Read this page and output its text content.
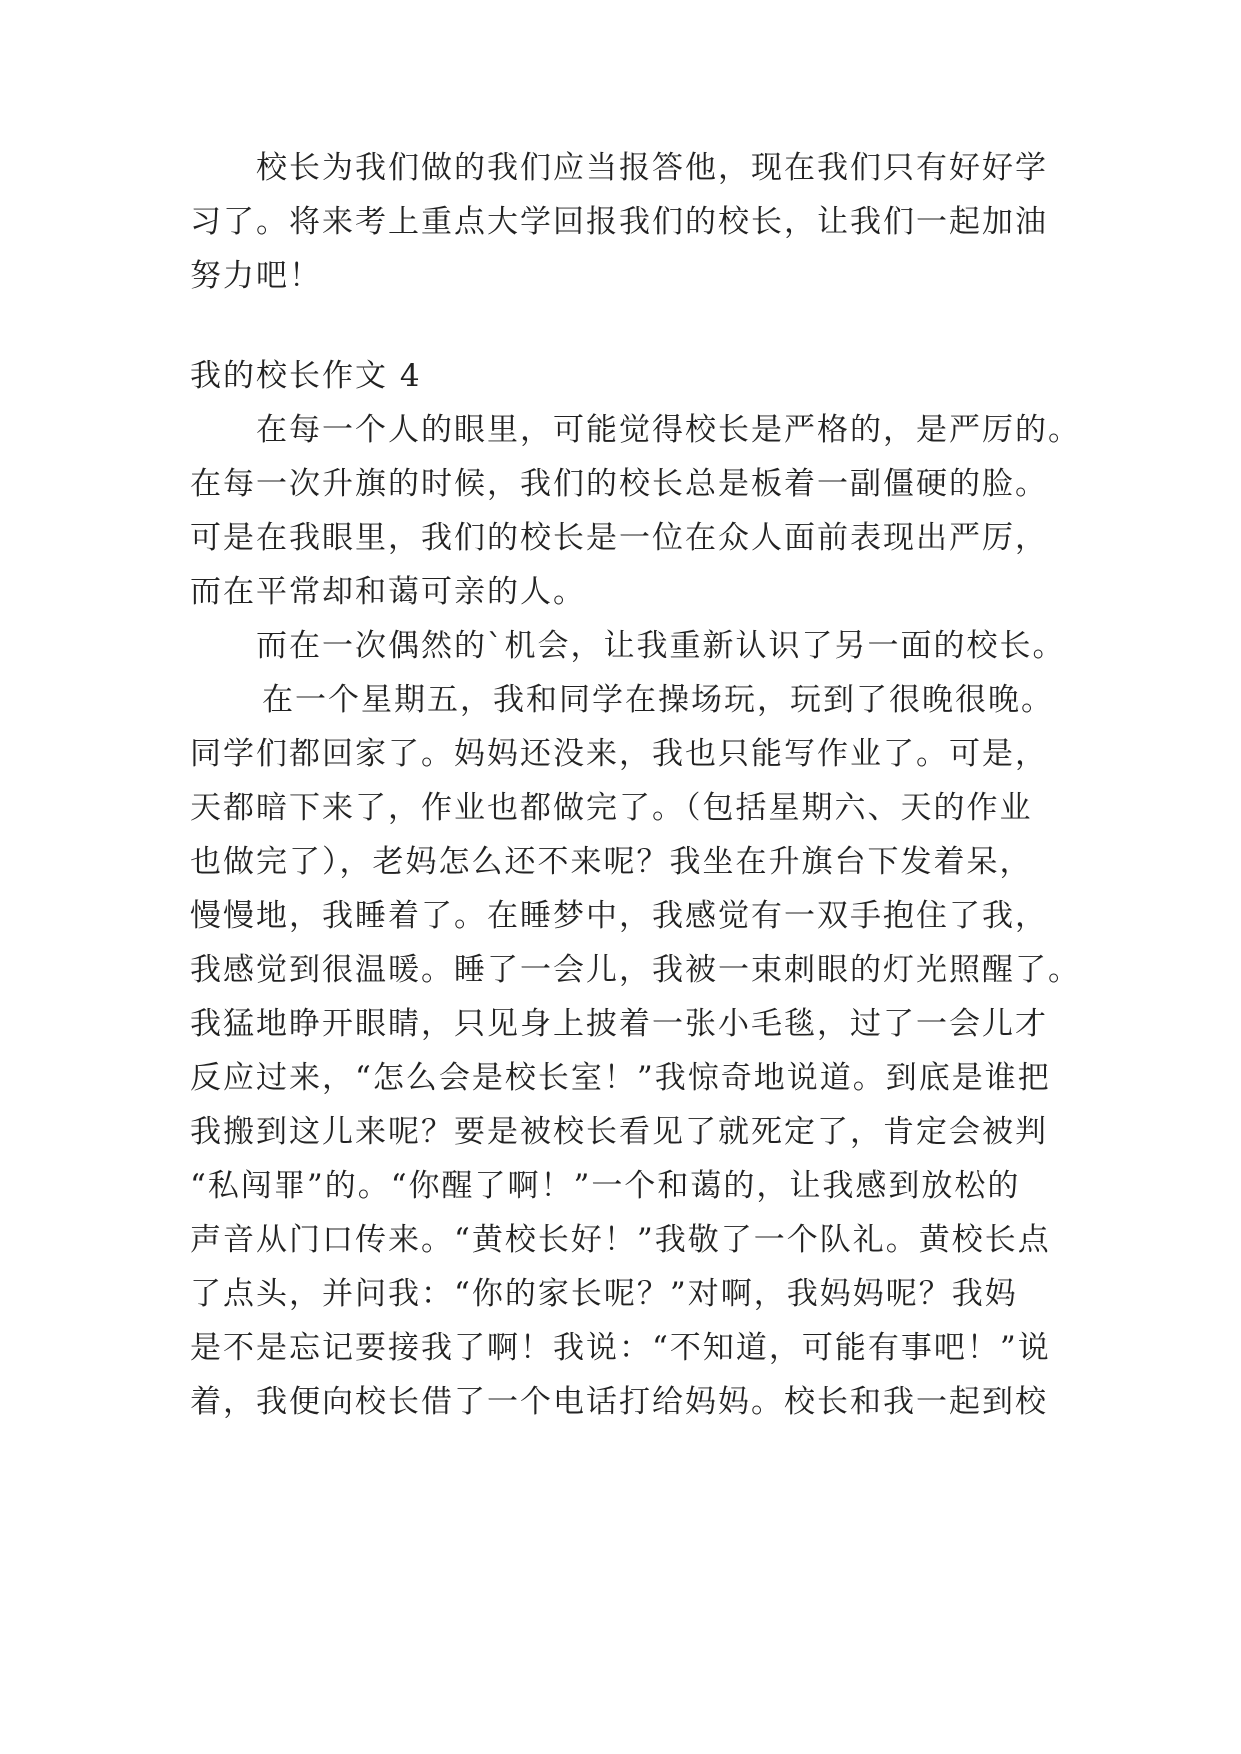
校长为我们做的我们应当报答他，现在我们只有好好学
习了。将来考上重点大学回报我们的校长，让我们一起加油
努力吧！
我的校长作文 4
在每一个人的眼里，可能觉得校长是严格的，是严厉的。
在每一次升旗的时候，我们的校长总是板着一副僵硬的脸。
可是在我眼里，我们的校长是一位在众人面前表现出严厉，
而在平常却和蔼可亲的人。
而在一次偶然的`机会，让我重新认识了另一面的校长。
在一个星期五，我和同学在操场玩，玩到了很晚很晚。
同学们都回家了。妈妈还没来，我也只能写作业了。可是，
天都暗下来了，作业也都做完了。（包括星期六、天的作业
也做完了），老妈怎么还不来呢？我坐在升旗台下发着呆，
慢慢地，我睡着了。在睡梦中，我感觉有一双手抱住了我，
我感觉到很温暖。睡了一会儿，我被一束刺眼的灯光照醒了。
我猛地睁开眼睛，只见身上披着一张小毛毯，过了一会儿才
反应过来，“怎么会是校长室！”我惊奇地说道。到底是谁把
我搬到这儿来呢？要是被校长看见了就死定了，肯定会被判
“私闯罪”的。“你醒了啊！”一个和蔼的，让我感到放松的
声音从门口传来。“黄校长好！”我敬了一个队礼。黄校长点
了点头，并问我：“你的家长呢？”对啊，我妈妈呢？我妈
是不是忘记要接我了啊！我说：“不知道，可能有事吧！”说
着，我便向校长借了一个电话打给妈妈。校长和我一起到校
